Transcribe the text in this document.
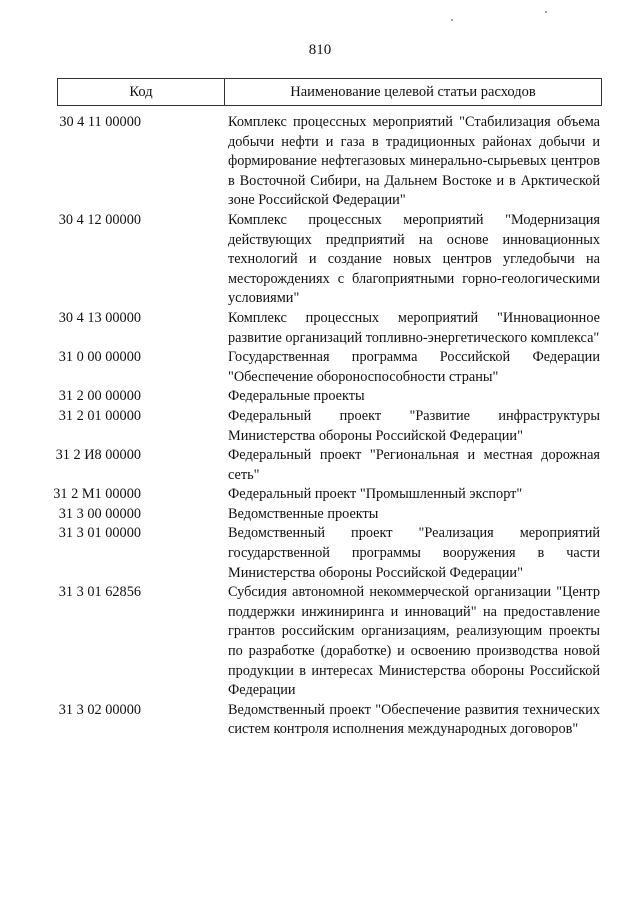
810
Код	Наименование целевой статьи расходов
30 4 11 00000	Комплекс процессных мероприятий "Стабилизация объема добычи нефти и газа в традиционных районах добычи и формирование нефтегазовых минерально-сырьевых центров в Восточной Сибири, на Дальнем Востоке и в Арктической зоне Российской Федерации"
30 4 12 00000	Комплекс процессных мероприятий "Модернизация действующих предприятий на основе инновационных технологий и создание новых центров угледобычи на месторождениях с благоприятными горно-геологическими условиями"
30 4 13 00000	Комплекс процессных мероприятий "Инновационное развитие организаций топливно-энергетического комплекса"
31 0 00 00000	Государственная программа Российской Федерации "Обеспечение обороноспособности страны"
31 2 00 00000	Федеральные проекты
31 2 01 00000	Федеральный проект "Развитие инфраструктуры Министерства обороны Российской Федерации"
31 2 И8 00000	Федеральный проект "Региональная и местная дорожная сеть"
31 2 М1 00000	Федеральный проект "Промышленный экспорт"
31 3 00 00000	Ведомственные проекты
31 3 01 00000	Ведомственный проект "Реализация мероприятий государственной программы вооружения в части Министерства обороны Российской Федерации"
31 3 01 62856	Субсидия автономной некоммерческой организации "Центр поддержки инжиниринга и инноваций" на предоставление грантов российским организациям, реализующим проекты по разработке (доработке) и освоению производства новой продукции в интересах Министерства обороны Российской Федерации
31 3 02 00000	Ведомственный проект "Обеспечение развития технических систем контроля исполнения международных договоров"
